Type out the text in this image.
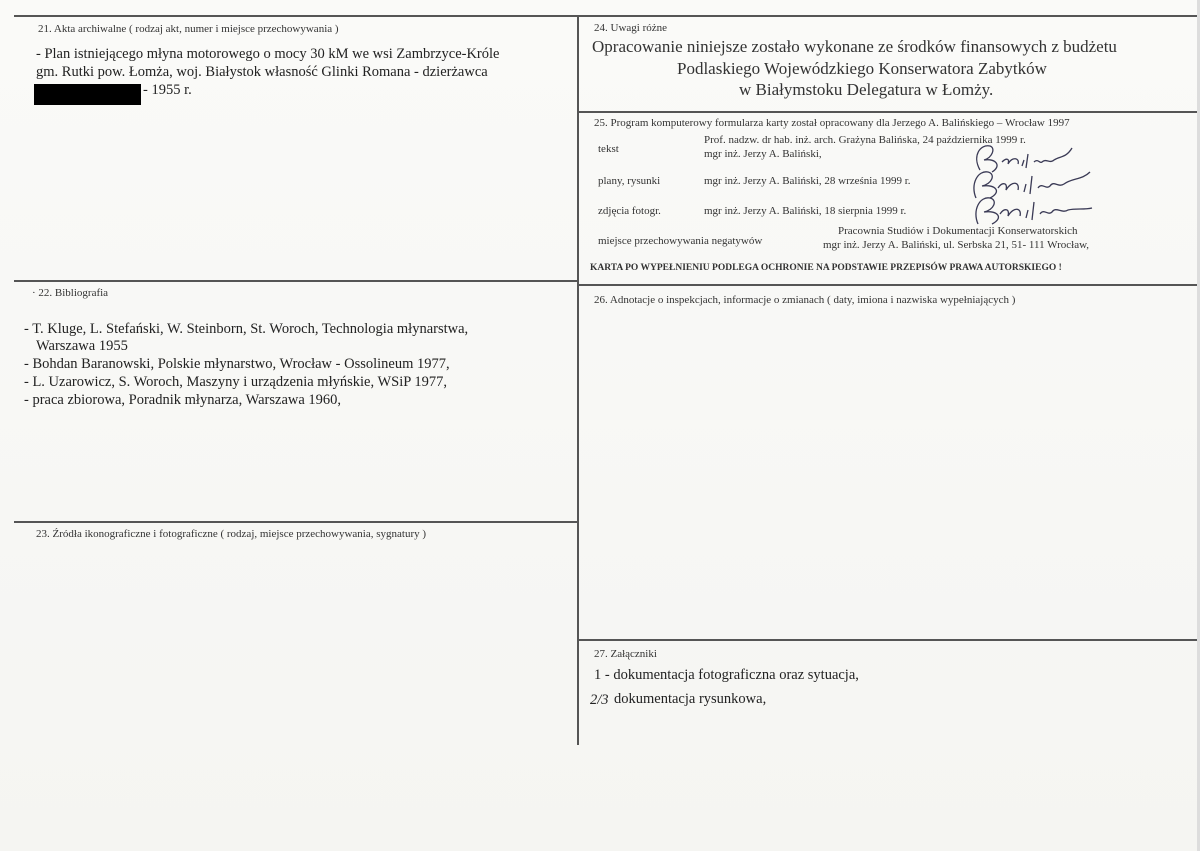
21. Akta archiwalne ( rodzaj akt, numer i miejsce przechowywania )
- Plan istniejącego młyna motorowego o mocy 30 kM we wsi Zambrzyce-Króle
gm. Rutki pow. Łomża, woj. Białystok własność Glinki Romana - dzierżawca
- 1955 r.
· 22. Bibliografia
- T. Kluge, L. Stefański, W. Steinborn, St. Woroch, Technologia młynarstwa,
Warszawa 1955
- Bohdan Baranowski, Polskie młynarstwo, Wrocław - Ossolineum 1977,
- L. Uzarowicz, S. Woroch, Maszyny i urządzenia młyńskie, WSiP 1977,
- praca zbiorowa, Poradnik młynarza, Warszawa 1960,
23. Źródła ikonograficzne i fotograficzne ( rodzaj, miejsce przechowywania, sygnatury )
24. Uwagi różne
Opracowanie niniejsze zostało wykonane ze środków finansowych z budżetu
Podlaskiego Wojewódzkiego Konserwatora Zabytków
w Białymstoku Delegatura w Łomży.
25. Program komputerowy formularza karty został opracowany dla Jerzego A. Balińskiego – Wrocław 1997
tekst
Prof. nadzw. dr hab. inż. arch. Grażyna Balińska, 24 października 1999 r.
mgr inż. Jerzy A. Baliński,
plany, rysunki	mgr inż. Jerzy A. Baliński, 28 września 1999 r.
zdjęcia fotogr.	mgr inż. Jerzy A. Baliński, 18 sierpnia 1999 r.
miejsce przechowywania negatywów
Pracownia Studiów i Dokumentacji Konserwatorskich
mgr inż. Jerzy A. Baliński, ul. Serbska 21, 51- 111 Wrocław,
KARTA PO WYPEŁNIENIU PODLEGA OCHRONIE NA PODSTAWIE PRZEPISÓW PRAWA AUTORSKIEGO !
26. Adnotacje o inspekcjach, informacje o zmianach ( daty, imiona i nazwiska wypełniających )
27. Załączniki
1 - dokumentacja fotograficzna oraz sytuacja,
2/3 dokumentacja rysunkowa,
